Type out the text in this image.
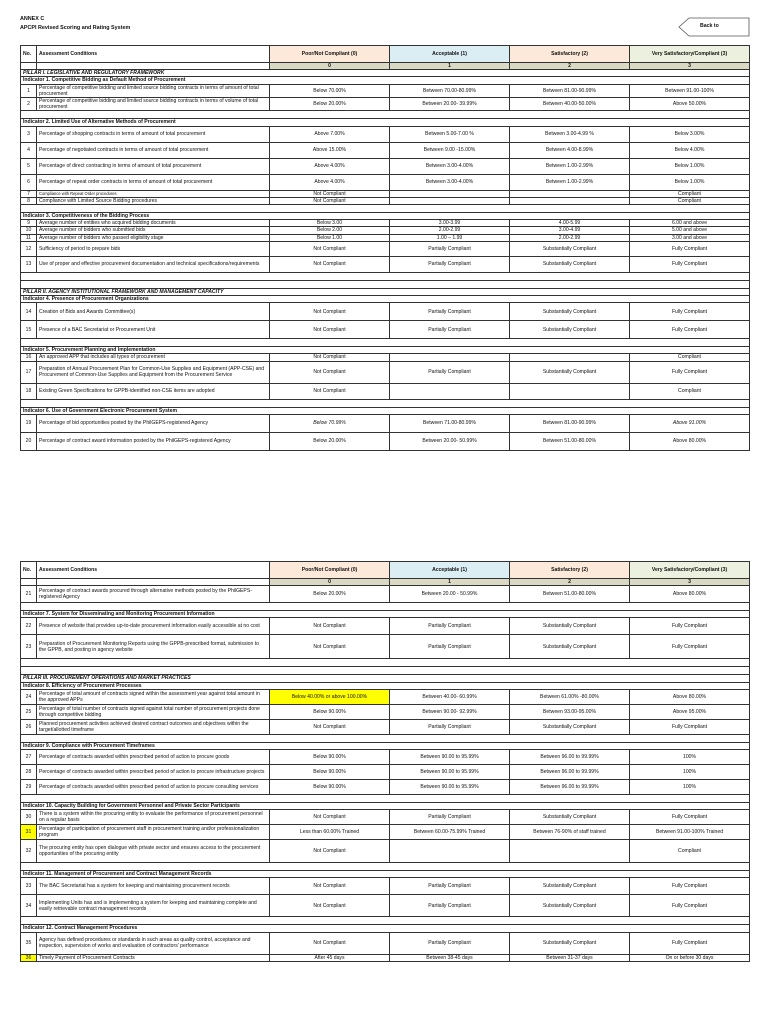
ANNEX C
APCPI Revised Scoring and Rating System	Back to
No.	Assessment Conditions	Poor/Not Compliant (0)	Acceptable (1)	Satisfactory (2)	Very Satisfactory/Compliant (3)
		0	1	2	3
PILLAR I. LEGISLATIVE AND REGULATORY FRAMEWORK					
Indicator 1. Competitive Bidding as Default Method of Procurement					
1	Percentage of competitive bidding and limited source bidding contracts in terms of amount of total procurement	Below 70.00%	Between 70.00-80.99%	Between 81.00-90.99%	Between 91.00-100%
2	Percentage of competitive bidding and limited source bidding contracts in terms of volume of total procurement	Below 20.00%	Between 20.00- 39.99%	Between 40.00-50.00%	Above 50.00%

Indicator 2. Limited Use of Alternative Methods of Procurement					
3	Percentage of shopping contracts in terms of amount of total procurement	Above 7.00%	Between 5.00-7.00 %	Between 3.00-4.99 %	Below 3.00%
4	Percentage of negotiated contracts in terms of amount of total procurement	Above 15.00%	Between 9.00 -15.00%	Between 4.00-8.99%	Below 4.00%
5	Percentage of direct contracting in terms of amount of total procurement	Above 4.00%	Between 3.00-4.00%	Between 1.00-2.99%	Below 1.00%
6	Percentage of repeat order contracts in terms of amount of total procurement	Above 4.00%	Between 3.00-4.00%	Between 1.00-2.99%	Below 1.00%
7	Compliance with Repeat Order procedures	Not Compliant			Compliant
8	Compliance with Limited Source Bidding procedures	Not Compliant			Compliant

Indicator 3. Competitiveness of the Bidding Process					
9	Average number of entities who acquired bidding documents	Below 3.00	3.00-3.99	4.00-5.99	6.00 and above
10	Average number of bidders who submitted bids	Below 2.00	2.00-2.99	3.00-4.99	5.00 and above
11	Average number of bidders who passed eligibility stage	Below 1.00	1.00 – 1.99	2.00-2.99	3.00 and above
12	Sufficiency of period to prepare bids	Not Compliant	Partially Compliant	Substantially Compliant	Fully Compliant
13	Use of proper and effective procurement documentation and technical specifications/requirements	Not Compliant	Partially Compliant	Substantially Compliant	Fully Compliant

PILLAR II. AGENCY INSTITUTIONAL FRAMEWORK AND MANAGEMENT CAPACITY					
Indicator 4. Presence of Procurement Organizations					
14	Creation of Bids and Awards Committee(s)	Not Compliant	Partially Compliant	Substantially Compliant	Fully Compliant
15	Presence of a BAC Secretariat or Procurement Unit	Not Compliant	Partially Compliant	Substantially Compliant	Fully Compliant

Indicator 5. Procurement Planning and Implementation					
16	An approved APP that includes all types of procurement	Not Compliant			Compliant
17	Preparation of Annual Procurement Plan for Common-Use Supplies and Equipment (APP-CSE) and Procurement of Common-Use Supplies and Equipment from the Procurement Service	Not Compliant	Partially Compliant	Substantially Compliant	Fully Compliant
18	Existing Green Specifications for GPPB-identified non-CSE items are adopted	Not Compliant			Compliant

Indicator 6. Use of Government Electronic Procurement System					
19	Percentage of bid opportunities posted by the PhilGEPS-registered Agency	Below 70.99%	Between 71.00-80.99%	Between 81.00-90.99%	Above 91.00%
20	Percentage of contract award information posted by the PhilGEPS-registered Agency	Below 20.00%	Between 20.00- 50.99%	Between 51.00-80.00%	Above 80.00%
No.	Assessment Conditions	Poor/Not Compliant (0)	Acceptable (1)	Satisfactory (2)	Very Satisfactory/Compliant (3)
		0	1	2	3
21	Percentage of contract awards procured through alternative methods posted by the PhilGEPS-registered Agency	Below 20.00%	Between 20.00 - 50.99%	Between 51.00-80.00%	Above 80.00%

Indicator 7. System for Disseminating and Monitoring Procurement Information					
22	Presence of website that provides up-to-date procurement information easily accessible at no cost	Not Compliant	Partially Compliant	Substantially Compliant	Fully Compliant
23	Preparation of Procurement Monitoring Reports using the GPPB-prescribed format, submission to the GPPB, and posting in agency website	Not Compliant	Partially Compliant	Substantially Compliant	Fully Compliant

PILLAR III. PROCUREMENT OPERATIONS AND MARKET PRACTICES					
Indicator 8. Efficiency of Procurement Processes					
24	Percentage of total amount of contracts signed within the assessment year against total amount in the approved APPs	Below 40.00% or above 100.00%	Between 40.00- 60.99%	Between 61.00% -80.00%	Above 80.00%
25	Percentage of total number of contracts signed against total number of procurement projects done through competitive bidding	Below 90.00%	Between 90.00- 92.99%	Between 93.00-95.00%	Above 95.00%
26	Planned procurement activities achieved desired contract outcomes and objectives within the target/allotted timeframe	Not Compliant	Partially Compliant	Substantially Compliant	Fully Compliant

Indicator 9. Compliance with Procurement Timeframes					
27	Percentage of contracts awarded within prescribed period of action to procure goods	Below 90.00%	Between 90.00 to 95.99%	Between 96.00 to 99.99%	100%
28	Percentage of contracts awarded within prescribed period of action to procure infrastructure projects	Below 90.00%	Between 90.00 to 95.99%	Between 96.00 to 99.99%	100%
29	Percentage of contracts awarded within prescribed period of action to procure consulting services	Below 90.00%	Between 90.00 to 95.99%	Between 96.00 to 99.99%	100%

Indicator 10. Capacity Building for Government Personnel and Private Sector Participants					
30	There is a system within the procuring entity to evaluate the performance of procurement personnel on a regular basis	Not Compliant	Partially Compliant	Substantially Compliant	Fully Compliant
31	Percentage of participation of procurement staff in procurement training and/or professionalization program	Less than 60.00% Trained	Between 60.00-75.99% Trained	Between 76-90% of staff trained	Between 91.00-100% Trained
32	The procuring entity has open dialogue with private sector and ensures access to the procurement opportunities of the procuring entity	Not Compliant			Compliant

Indicator 11. Management of Procurement and Contract Management Records					
33	The BAC Secretariat has a system for keeping and maintaining procurement records	Not Compliant	Partially Compliant	Substantially Compliant	Fully Compliant
34	Implementing Units has and is implementing a system for keeping and maintaining complete and easily retrievable contract management records	Not Compliant	Partially Compliant	Substantially Compliant	Fully Compliant

Indicator 12. Contract Management Procedures					
35	Agency has defined procedures or standards in such areas as quality control, acceptance and inspection, supervision of works and evaluation of contractors' performance	Not Compliant	Partially Compliant	Substantially Compliant	Fully Compliant
36	Timely Payment of Procurement Contracts	After 45 days	Between 38-45 days	Between 31-37 days	On or before 30 days
